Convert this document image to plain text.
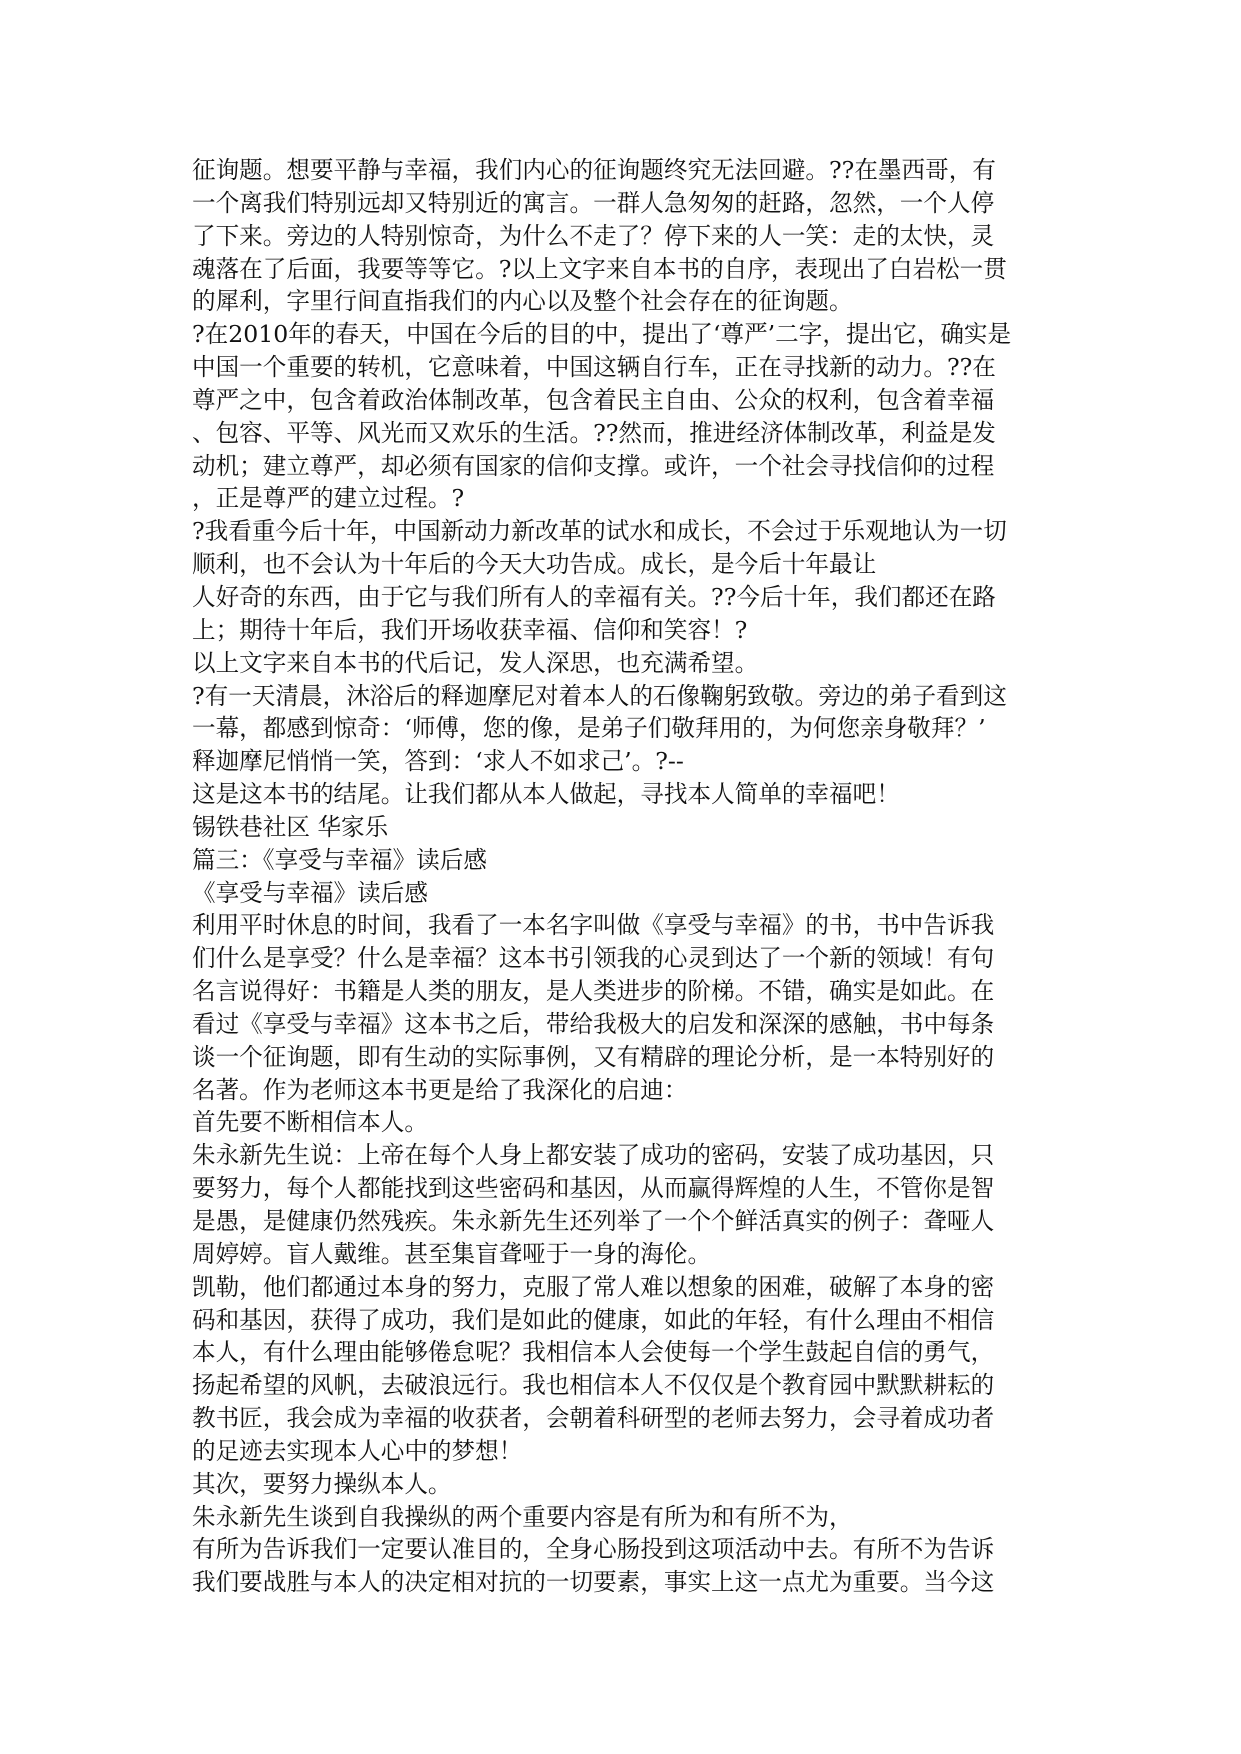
征询题。想要平静与幸福，我们内心的征询题终究无法回避。??在墨西哥，有
一个离我们特别远却又特别近的寓言。一群人急匆匆的赶路，忽然，一个人停
了下来。旁边的人特别惊奇，为什么不走了？停下来的人一笑：走的太快，灵
魂落在了后面，我要等等它。?以上文字来自本书的自序，表现出了白岩松一贯
的犀利，字里行间直指我们的内心以及整个社会存在的征询题。
?在2010年的春天，中国在今后的目的中，提出了‘尊严’二字，提出它，确实是
中国一个重要的转机，它意味着，中国这辆自行车，正在寻找新的动力。??在
尊严之中，包含着政治体制改革，包含着民主自由、公众的权利，包含着幸福
、包容、平等、风光而又欢乐的生活。??然而，推进经济体制改革，利益是发
动机；建立尊严，却必须有国家的信仰支撑。或许，一个社会寻找信仰的过程
，正是尊严的建立过程。?
?我看重今后十年，中国新动力新改革的试水和成长，不会过于乐观地认为一切
顺利，也不会认为十年后的今天大功告成。成长，是今后十年最让
人好奇的东西，由于它与我们所有人的幸福有关。??今后十年，我们都还在路
上；期待十年后，我们开场收获幸福、信仰和笑容！?
以上文字来自本书的代后记，发人深思，也充满希望。
?有一天清晨，沐浴后的释迦摩尼对着本人的石像鞠躬致敬。旁边的弟子看到这
一幕，都感到惊奇：‘师傅，您的像，是弟子们敬拜用的，为何您亲身敬拜？’
释迦摩尼悄悄一笑，答到：‘求人不如求己’。?--
这是这本书的结尾。让我们都从本人做起，寻找本人简单的幸福吧！
锡铁巷社区 华家乐
篇三：《享受与幸福》读后感
《享受与幸福》读后感
利用平时休息的时间，我看了一本名字叫做《享受与幸福》的书，书中告诉我
们什么是享受？什么是幸福？这本书引领我的心灵到达了一个新的领域！有句
名言说得好：书籍是人类的朋友，是人类进步的阶梯。不错，确实是如此。在
看过《享受与幸福》这本书之后，带给我极大的启发和深深的感触，书中每条
谈一个征询题，即有生动的实际事例，又有精辟的理论分析，是一本特别好的
名著。作为老师这本书更是给了我深化的启迪：
首先要不断相信本人。
朱永新先生说：上帝在每个人身上都安装了成功的密码，安装了成功基因，只
要努力，每个人都能找到这些密码和基因，从而赢得辉煌的人生，不管你是智
是愚，是健康仍然残疾。朱永新先生还列举了一个个鲜活真实的例子：聋哑人
周婷婷。盲人戴维。甚至集盲聋哑于一身的海伦。
凯勒，他们都通过本身的努力，克服了常人难以想象的困难，破解了本身的密
码和基因，获得了成功，我们是如此的健康，如此的年轻，有什么理由不相信
本人，有什么理由能够倦怠呢？我相信本人会使每一个学生鼓起自信的勇气，
扬起希望的风帆，去破浪远行。我也相信本人不仅仅是个教育园中默默耕耘的
教书匠，我会成为幸福的收获者，会朝着科研型的老师去努力，会寻着成功者
的足迹去实现本人心中的梦想！
其次，要努力操纵本人。
朱永新先生谈到自我操纵的两个重要内容是有所为和有所不为，
有所为告诉我们一定要认准目的，全身心肠投到这项活动中去。有所不为告诉
我们要战胜与本人的决定相对抗的一切要素，事实上这一点尤为重要。当今这
